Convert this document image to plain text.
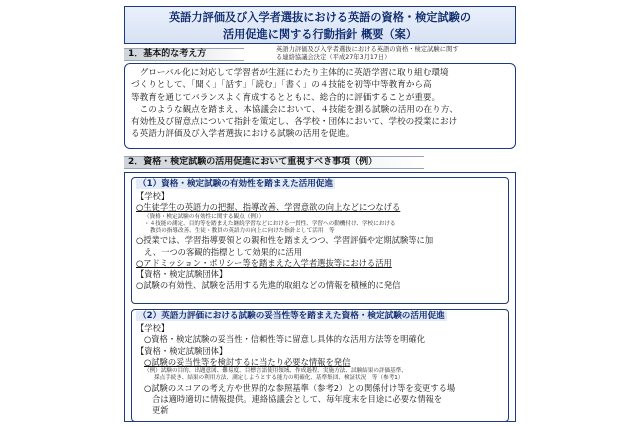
英語力評価及び入学者選抜における英語の資格・検定試験の
活用促進に関する行動指針 概要（案）
1．基本的な考え方	英語力評価及び入学者選抜における英語の資格・検定試験に関す
る連絡協議会決定（平成27年3月17日）
グローバル化に対応して学習者が生涯にわたり主体的に英語学習に取り組む環境
づくりとして、「聞く」「話す」「読む」「書く」の４技能を初等中等教育から高
等教育を通じてバランスよく育成するとともに、総合的に評価することが重要。
このような観点を踏まえ、本協議会において、４技能を測る試験の活用の在り方、
有効性及び留意点について指針を策定し、各学校・団体において、学校の授業におけ
る英語力評価及び入学者選抜における試験の活用を促進。
2．資格・検定試験の活用促進において重視すべき事項（例）
（1）資格・検定試験の有効性を踏まえた活用促進
【学校】
○生徒学生の英語力の把握、指導改善、学習意欲の向上などにつなげる
（資格・検定試験の有効性に関する観点（例））
・４技能の測定、目的等を踏まえた継続学習などにおける一貫性、学習への動機付け、学校における
教員の指導改善、生徒・教員の英語力の向上に向けた指針として活用　等
○授業では、学習指導要領との親和性を踏まえつつ、学習評価や定期試験等に加
え、一つの客観的指標として効果的に活用
○アドミッション・ポリシー等を踏まえた入学者選抜等における活用
【資格・検定試験団体】
○試験の有効性、試験を活用する先進的取組などの情報を積極的に発信
（2）英語力評価における試験の妥当性等を踏まえた資格・検定試験の活用促進
【学校】
○資格・検定試験の妥当性・信頼性等に留意し具体的な活用方法等を明確化
【資格・検定試験団体】
○試験の妥当性等を検討するに当たり必要な情報を発信
（例）試験の目的、出題意図、難易度、目標言語使用領域、作成過程、実施方法、試験結果の評価基準、
採点手続き、結果の利用方法、測定しようとする能力の明確化、基準集団、検証状況　等（参考1）
○試験のスコアの考え方や世界的な参照基準（参考2）との関係付け等を変更する場
合は適時適切に情報提供。連絡協議会として、毎年度末を目途に必要な情報を
更新
